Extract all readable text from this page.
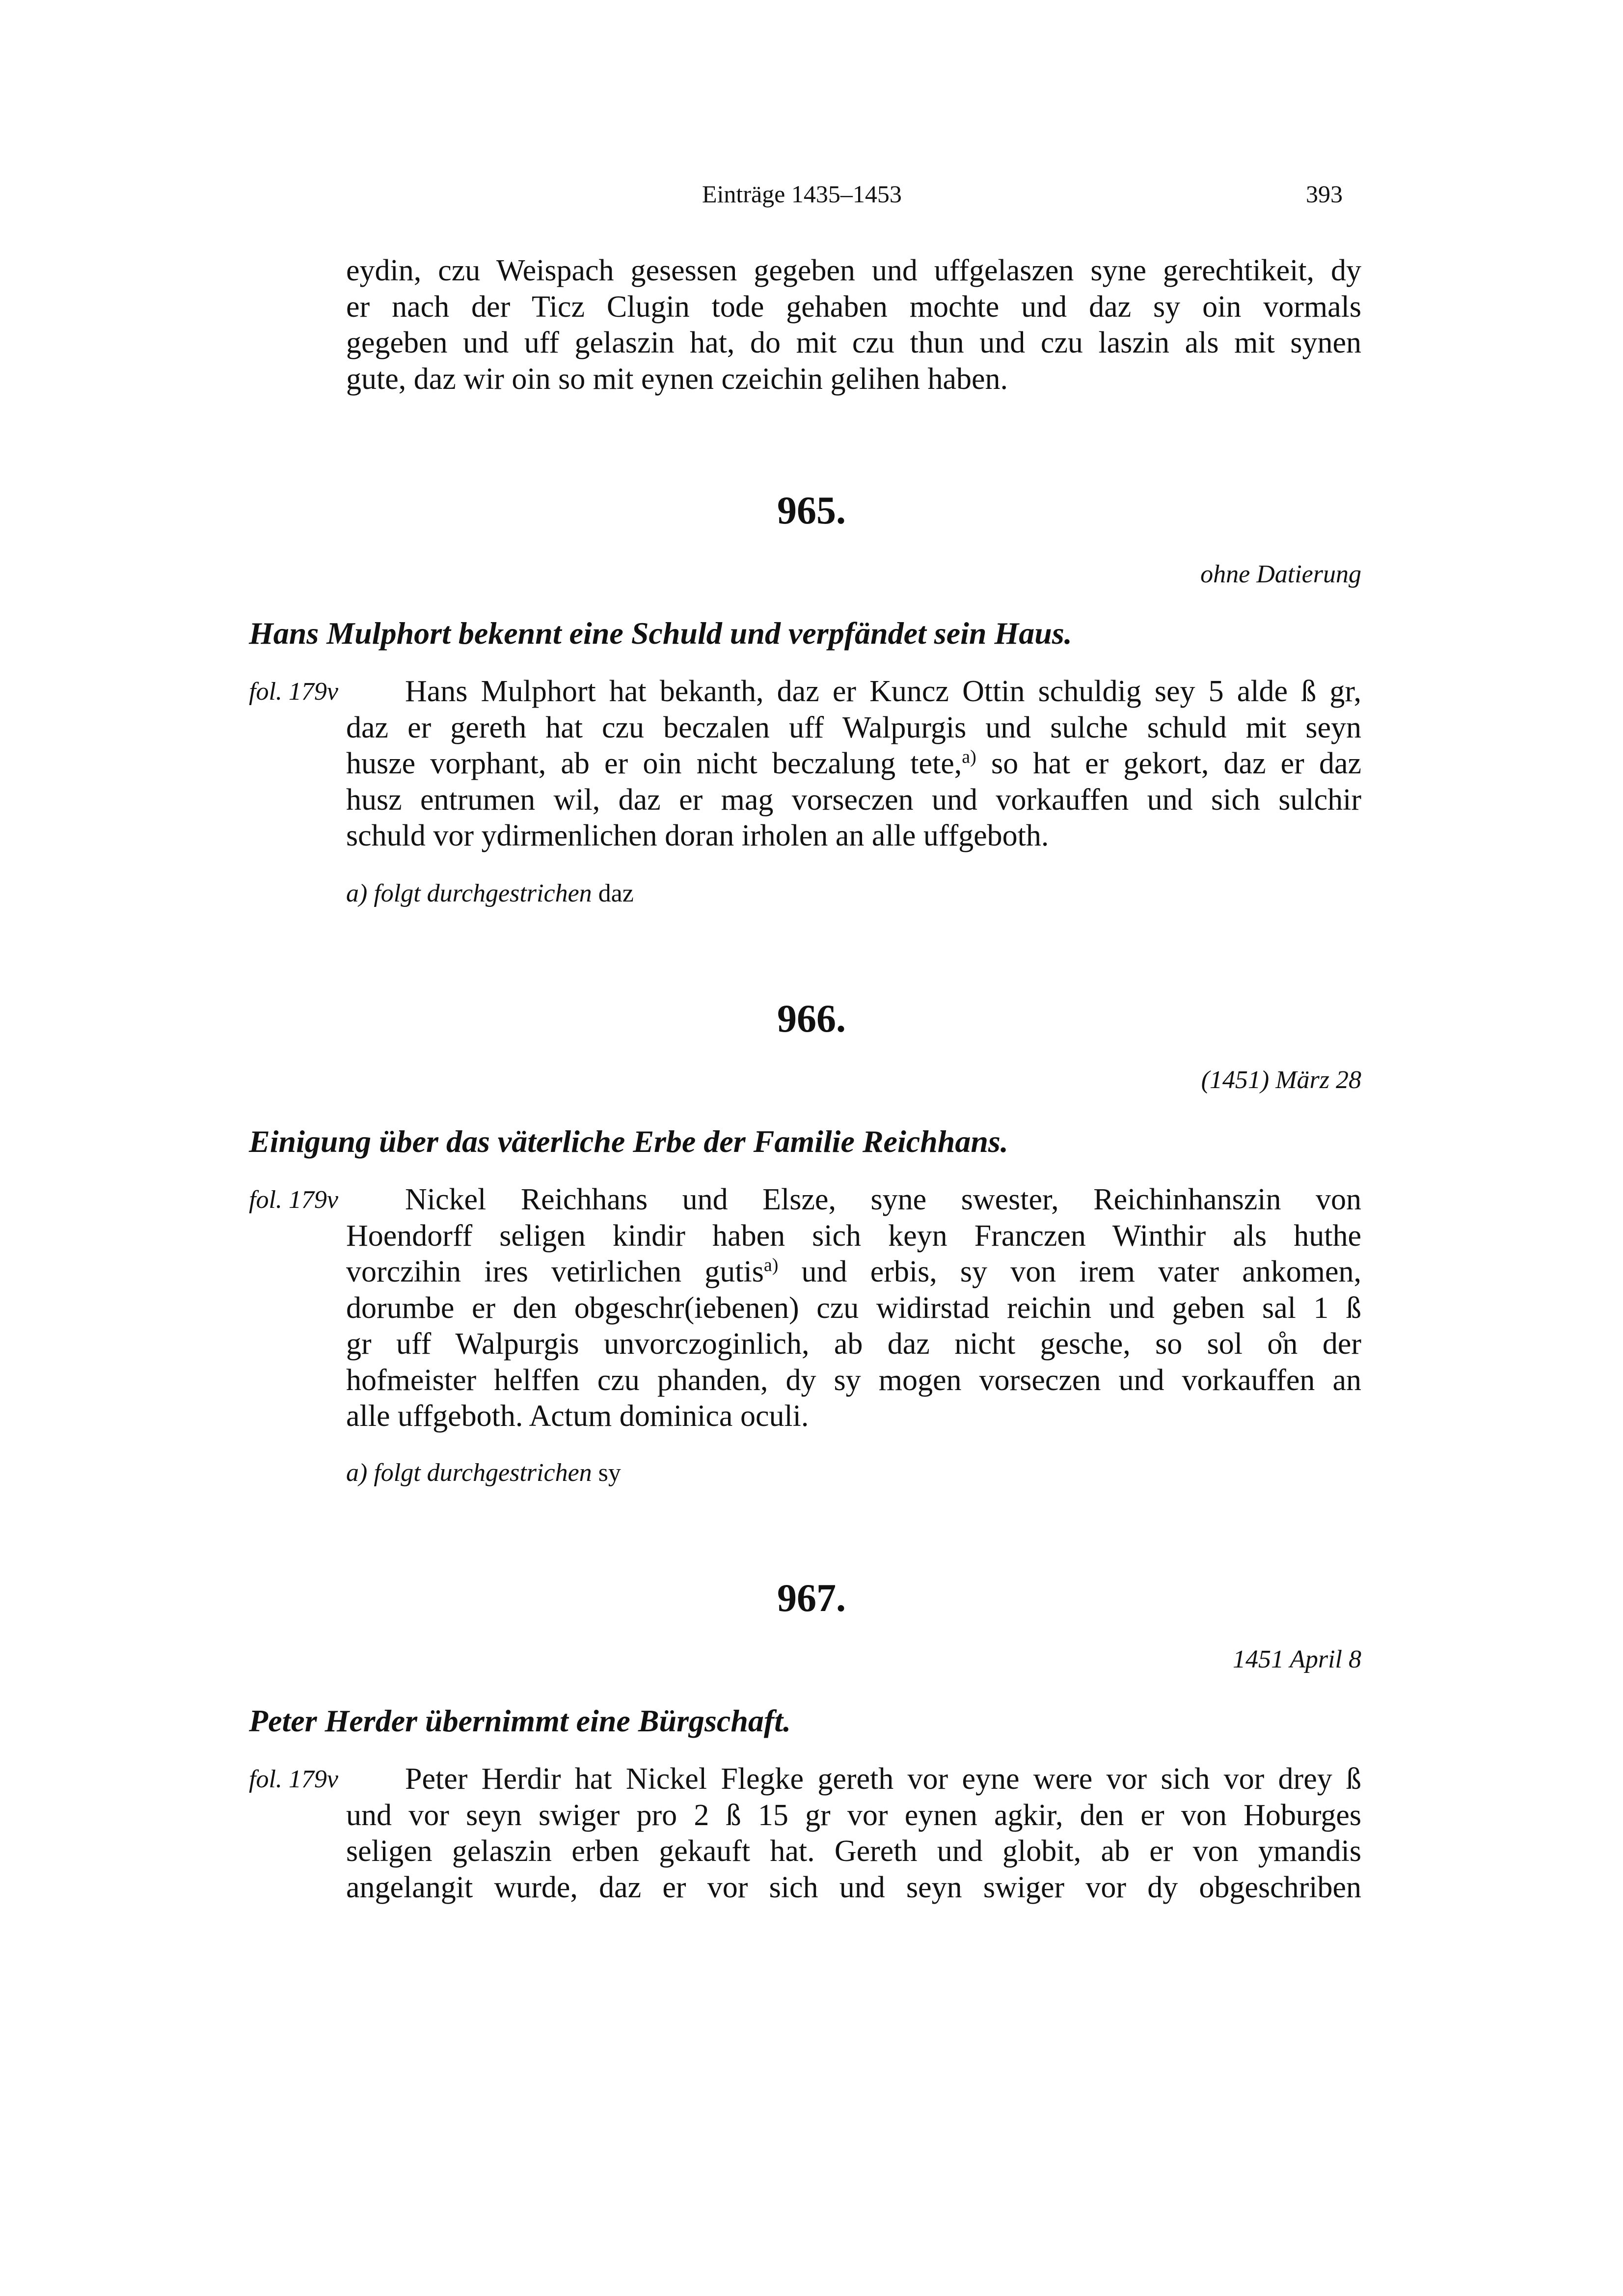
Einträge 1435–1453	393
eydin, czu Weispach gesessen gegeben und uffgelaszen syne gerechtikeit, dy
er nach der Ticz Clugin tode gehaben mochte und daz sy oin vormals
gegeben und uff gelaszin hat, do mit czu thun und czu laszin als mit synen
gute, daz wir oin so mit eynen czeichin gelihen haben.
965.
ohne Datierung
Hans Mulphort bekennt eine Schuld und verpfändet sein Haus.
fol. 179v	Hans Mulphort hat bekanth, daz er Kuncz Ottin schuldig sey 5 alde ß gr,
daz er gereth hat czu beczalen uff Walpurgis und sulche schuld mit seyn
husze vorphant, ab er oin nicht beczalung tete,$^{a)}$ so hat er gekort, daz er daz
husz entrumen wil, daz er mag vorseczen und vorkauffen und sich sulchir
schuld vor ydirmenlichen doran irholen an alle uffgeboth.
a) folgt durchgestrichen daz
966.
(1451) März 28
Einigung über das väterliche Erbe der Familie Reichhans.
fol. 179v	Nickel Reichhans und Elsze, syne swester, Reichinhanszin von
Hoendorff seligen kindir haben sich keyn Franczen Winthir als huthe
vorczihin ires vetirlichen gutis$^{a)}$ und erbis, sy von irem vater ankomen,
dorumbe er den obgeschr(iebenen) czu widirstad reichin und geben sal 1 ß
gr uff Walpurgis unvorczoginlich, ab daz nicht gesche, so sol o̊n der
hofmeister helffen czu phanden, dy sy mogen vorseczen und vorkauffen an
alle uffgeboth. Actum dominica oculi.
a) folgt durchgestrichen sy
967.
1451 April 8
Peter Herder übernimmt eine Bürgschaft.
fol. 179v	Peter Herdir hat Nickel Flegke gereth vor eyne were vor sich vor drey ß
und vor seyn swiger pro 2 ß 15 gr vor eynen agkir, den er von Hoburges
seligen gelaszin erben gekauft hat. Gereth und globit, ab er von ymandis
angelangit wurde, daz er vor sich und seyn swiger vor dy obgeschriben
